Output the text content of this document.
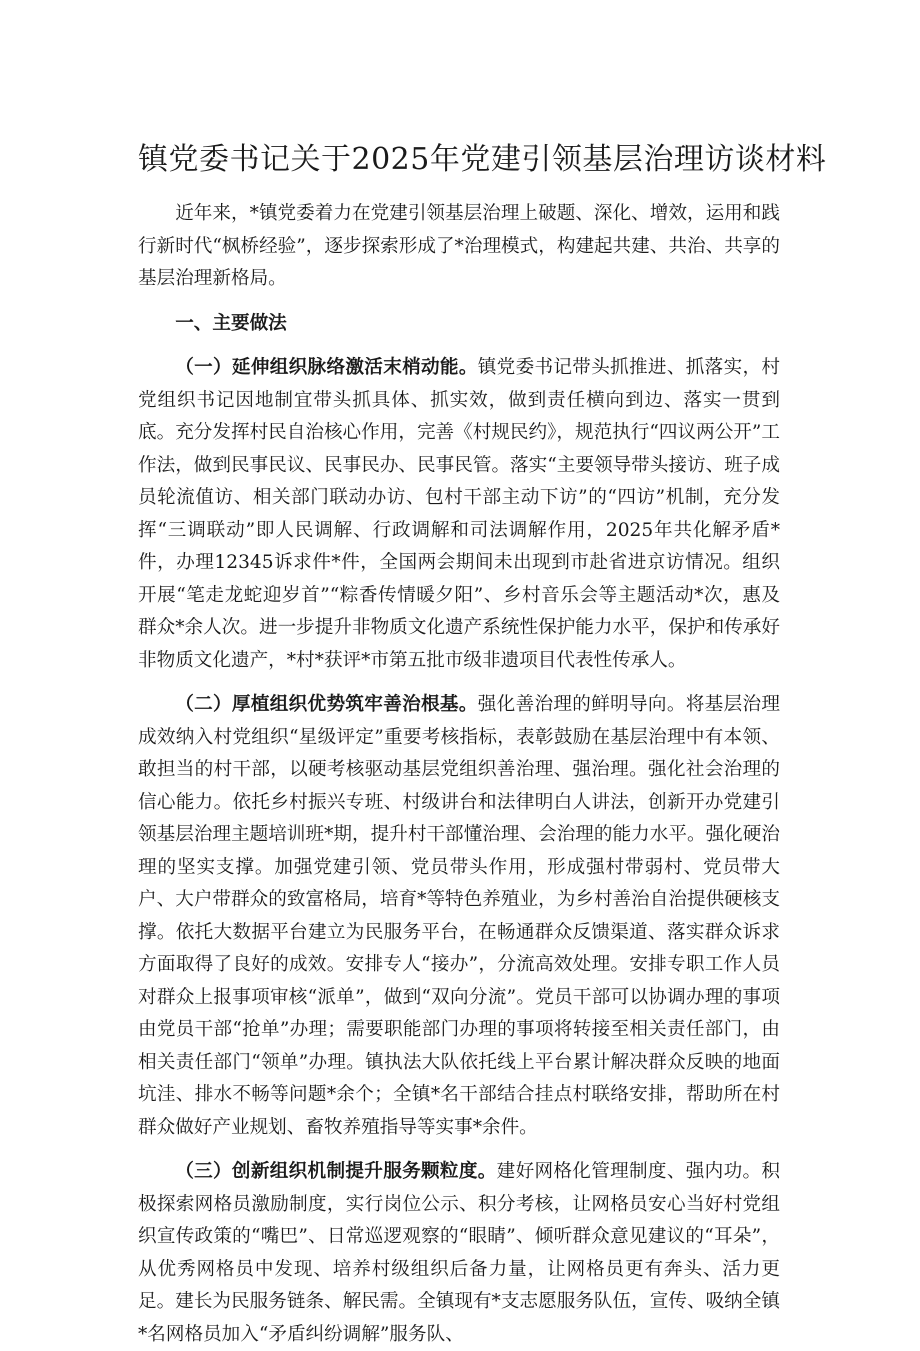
镇党委书记关于2025年党建引领基层治理访谈材料

近年来，*镇党委着力在党建引领基层治理上破题、深化、增效，运用和践行新时代“枫桥经验”，逐步探索形成了*治理模式，构建起共建、共治、共享的基层治理新格局。

一、主要做法

（一）延伸组织脉络激活末梢动能。镇党委书记带头抓推进、抓落实，村党组织书记因地制宜带头抓具体、抓实效，做到责任横向到边、落实一贯到底。充分发挥村民自治核心作用，完善《村规民约》，规范执行“四议两公开”工作法，做到民事民议、民事民办、民事民管。落实“主要领导带头接访、班子成员轮流值访、相关部门联动办访、包村干部主动下访”的“四访”机制，充分发挥“三调联动”即人民调解、行政调解和司法调解作用，2025年共化解矛盾*件，办理12345诉求件*件，全国两会期间未出现到市赴省进京访情况。组织开展“笔走龙蛇迎岁首”“粽香传情暖夕阳”、乡村音乐会等主题活动*次，惠及群众*余人次。进一步提升非物质文化遗产系统性保护能力水平，保护和传承好非物质文化遗产，*村*获评*市第五批市级非遗项目代表性传承人。

（二）厚植组织优势筑牢善治根基。强化善治理的鲜明导向。将基层治理成效纳入村党组织“星级评定”重要考核指标，表彰鼓励在基层治理中有本领、敢担当的村干部，以硬考核驱动基层党组织善治理、强治理。强化社会治理的信心能力。依托乡村振兴专班、村级讲台和法律明白人讲法，创新开办党建引领基层治理主题培训班*期，提升村干部懂治理、会治理的能力水平。强化硬治理的坚实支撑。加强党建引领、党员带头作用，形成强村带弱村、党员带大户、大户带群众的致富格局，培育*等特色养殖业，为乡村善治自治提供硬核支撑。依托大数据平台建立为民服务平台，在畅通群众反馈渠道、落实群众诉求方面取得了良好的成效。安排专人“接办”，分流高效处理。安排专职工作人员对群众上报事项审核“派单”，做到“双向分流”。党员干部可以协调办理的事项由党员干部“抢单”办理；需要职能部门办理的事项将转接至相关责任部门，由相关责任部门“领单”办理。镇执法大队依托线上平台累计解决群众反映的地面坑洼、排水不畅等问题*余个；全镇*名干部结合挂点村联络安排，帮助所在村群众做好产业规划、畜牧养殖指导等实事*余件。

（三）创新组织机制提升服务颗粒度。建好网格化管理制度、强内功。积极探索网格员激励制度，实行岗位公示、积分考核，让网格员安心当好村党组织宣传政策的“嘴巴”、日常巡逻观察的“眼睛”、倾听群众意见建议的“耳朵”，从优秀网格员中发现、培养村级组织后备力量，让网格员更有奔头、活力更足。建长为民服务链条、解民需。全镇现有*支志愿服务队伍，宣传、吸纳全镇*名网格员加入“矛盾纠纷调解”服务队、
